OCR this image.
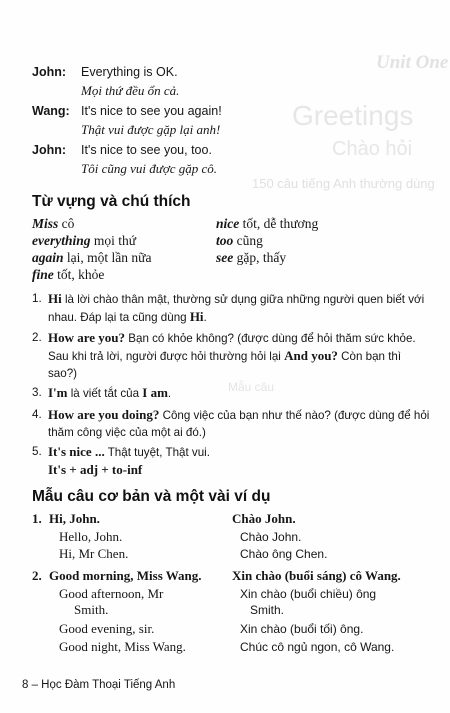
Unit One
Greetings
Chào hỏi
150 câu tiếng Anh thường dùng
Mẫu câu
John: Everything is OK.
Mọi thứ đều ổn cả.
Wang: It's nice to see you again!
Thật vui được gặp lại anh!
John: It's nice to see you, too.
Tôi cũng vui được gặp cô.
Từ vựng và chú thích
Miss cô
everything mọi thứ
again lại, một lần nữa
fine tốt, khỏe
nice tốt, dễ thương
too cũng
see gặp, thấy
1. Hi là lời chào thân mật, thường sử dụng giữa những người quen biết với nhau. Đáp lại ta cũng dùng Hi.
2. How are you? Bạn có khỏe không? (được dùng để hỏi thăm sức khỏe. Sau khi trả lời, người được hỏi thường hỏi lại And you? Còn bạn thì sao?)
3. I'm là viết tắt của I am.
4. How are you doing? Công việc của bạn như thế nào? (được dùng để hỏi thăm công việc của một ai đó.)
5. It's nice ... Thật tuyệt, Thật vui.
It's + adj + to-inf
Mẫu câu cơ bản và một vài ví dụ
1. Hi, John.	Chào John.
Hello, John.	Chào John.
Hi, Mr Chen.	Chào ông Chen.
2. Good morning, Miss Wang. Xin chào (buổi sáng) cô Wang.
Good afternoon, Mr
Smith.
Xin chào (buổi chiều) ông
Smith.
Good evening, sir.	Xin chào (buổi tối) ông.
Good night, Miss Wang.	Chúc cô ngủ ngon, cô Wang.
8 – Học Đàm Thoại Tiếng Anh
